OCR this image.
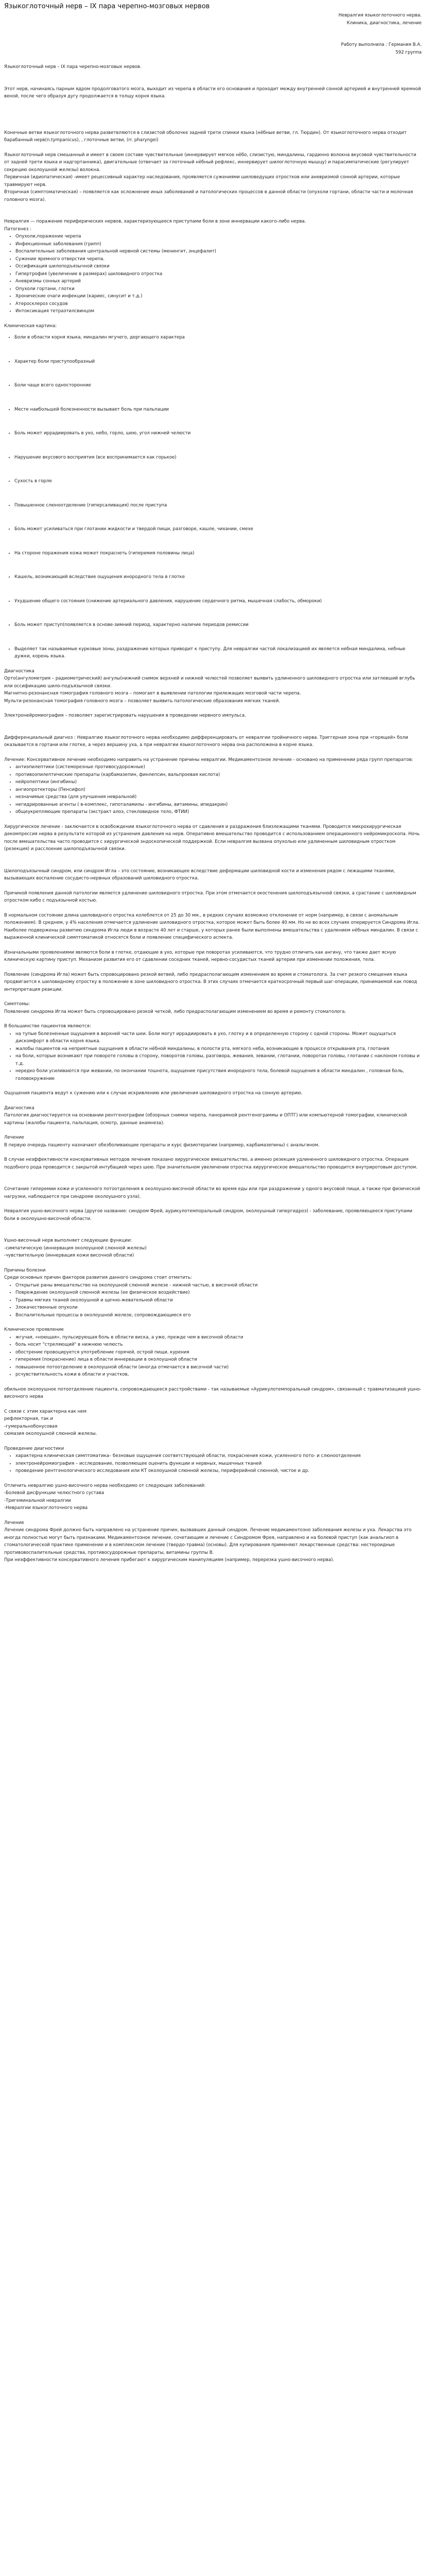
Языкоглоточный нерв – IX пара черепно-мозговых нервов

Невралгия языкоглоточного нерва.

Клиника, диагностика, лечение

Работу выполнила : Германия В.А.

592 группа

Языкоглоточный нерв – IX пара черепно-мозговых нервов.

Этот нерв, начинаясь парным ядром продолговатого мозга, выходит из черепа в области его основания и проходит между внутренней сонной артерией и внутренней яремной веной, после чего образуя дугу продолжается в толщу корня языка.

Конечные ветви языкоглоточного нерва разветвляются в слизистой оболочке задней трети спинки языка (нёбные ветви, гл. Тюрдин). От языкоглоточного нерва отходит барабанный нерв(n.tympanicus), , глоточные ветви, (rr. pharyngei)

Языкоглоточный нерв смешанный и имеет в своем составе чувствительные (иннервирует мягкое нёбо, слизистую, миндалины, гардинно волокна вкусовой чувствительности от задней трети языка и надгортанника), двигательные (отвечает за глоточный нёбный рефлекс, иннервирует шилоглоточную мышцу) и парасимпатические (регулирует секрецию околоушной железы) волокна.

Первичная (идиопатическая) -имеет рецессивный характер наследования, проявляется сужениями шиловедущих отростков или аневризмой сонной артерии, которые травмируют нерв.

Вторичная (симптоматическая) – появляется как осложнение иных заболеваний и патологических процессов в данной области (опухоли гортани, области части и молочная головного мозга).

Невралгия — поражение периферических нервов, характеризующееся приступами боли в зоне иннервации какого-либо нерва.

Патогенез :

• Опухоли,поражение черепа
• Инфекционные заболевания (грипп)
• Воспалительные заболевания центральной нервной системы (менингит, энцефалит)
• Сужение яремного отверстия черепа.
• Оссификация шилоподъязычной связки
• Гипертрофия (увеличение в размерах) шиловидного отростка
• Аневризмы сонных артерий
• Опухоли гортани, глотки
• Хронические очаги инфекции (кариес, синусит и т.д.)
• Атеросклероз сосудов
• Интоксикация тетраэтилсвинцом

Клиническая картина:

• Боли в области корня языка, миндалин мгучего, дергающего характера
• Характер боли приступообразный
• Боли чаще всего односторонние
• Месте наибольшей болезненности вызывает боль при пальпации
• Боль может иррадиировать в ухо, небо, горло, шею, угол нижней челюсти
• Нарушение вкусового восприятия (все воспринимается как горькое)
• Сухость в горле
• Повышенное слюноотделение (гиперсаливация) после приступа
• Боль может усиливаться при глотании жидкости и твердой пищи, разговоре, кашле, чихании, смехе
• На стороне поражения кожа может покраснеть (гиперемия половины лица)
• Кашель, возникающий вследствие ощущения инородного тела в глотке
• Ухудшение общего состояния (снижение артериального давления, нарушение сердечного ритма, мышечная слабость, обмороки)
• Боль может приступ(появляется в основе-зимний период, характерно наличие периодов ремиссии
• Выделяет так называемые курковые зоны, раздражение которых приводит к приступу. Для невралгии частой локализацией их является небная миндалина, небные дужки, корень языка.

Диагностика

Орто(ангулометрия – радиометрический) ангулы(нижний снимок верхней и нижней челюстей позволяет выявить удлиненного шиловидного отростка или затлевший вглубь или оссификацию шило-подъязычной связки.

Магнитно-резонансная томография головного мозга – помогает в выявлении патологии прилежащих мозговой части черепа.

Мульти-резонансная томография головного мозга – позволяет выявить патологические образования мягких тканей.

Электронейромиография – позволяет зарегистрировать нарушения в проведении нервного импульса.

Дифференциальный диагноз : Невралгию языкоглоточного нерва необходимо дифференцировать от невралгии тройничного нерва. Триггерная зона при «горящей» боли оказывается в гортани или глотке, а через вершину уха, а при невралгии языкоглоточного нерва она расположена в корне языка.

Лечение: Консервативное лечение необходимо направить на устранение причины невралгии. Медикаментозное лечение - основано на применении ряда групп препаратов:

• антиэпилептики (системорезные противосудорожные)
• противоэпилептические препараты (карбамазепин, финлепсин, вальпроевая кислота)
• нейропептики (ингибины)
• ангиопротекторы (Пенсифол)
• незначимые средства (для улучшения невральной)
• негидрированные агенты ( в-комплекс, гипоталамилы - ингибины, витамины, ипидакрин)
• общеукрепляющие препараты (экстракт алоэ, стекловидное тело, ФТИИ)

Хирургическое лечение - заключается в освобождении языкоглоточного нерва от сдавления и раздражения близлежащими тканями. Проводится микрохирургическая декомпрессия нерва в результате которой из устранения давления на нерв. Оперативно вмешательство проводится с использованием операционного нейромикроскопа. Ночь после вмешательства часто проводится с хирургической эндоскопической поддержкой. Если невралгия вызвана опухолью или удлиненным шиловидным отростком (резекция) и расслоение шилоподъязычной связки.

Шилоподъязычный синдром, или синдром Игла – это состояние, возникающее вследствие деформации шиловидной кости и изменения рядом с лежащими тканями, вызывающих воспаление сосудисто-нервных образований шиловидного отростка.

Причиной появления данной патологии является удлинение шиловидного отростка. При этом отмечается окостенения шилоподъязычной связки, а срастание с шиловидным отростком кибо с подъязычной костью.

В нормальном состоянии длина шиловидного отростка колеблется от 25 до 30 мм., в редких случаях возможно отклонение от норм (например, в связи с аномальным положением). В среднем, у 4% населения отмечается удлинение шиловидного отростка, которое может быть более 40 мм. Но не во всех случаях оперируется Синдрома Игла. Наиболее подвержены развитию синдрома Игла люди в возрасте 40 лет и старше, у которых ранее были выполнены вмешательства с удалением нёбных миндалин. В связи с выраженной клинической симптоматикой относятся боли и появление специфического аспекта.

Изначальными проявлениями являются боли в глотке, отдающие в ухо, которые при поворотах усиливаются, что трудно отличить как ангину, что также дает ясную клиническую картину приступ. Механизм развития его от сдавлении соседних тканей, нервно-сосудистых тканей артерии при изменении положения, тела.

Появление (синдрома Игла) может быть спровоцировано резкой ветвей, либо предрасполагающим изменением во время и стоматолога. За счет резкого смещения языка продвигается к шиловидному отростку в положение в зоне шиловидного отростка. В этих случаях отмечается краткосрочный первый шаг-операции, принимаемой как повод интерпретация реакции.

Симптомы:

Появление синдрома Игла может быть спровоцировано резкой четкой, либо предрасполагающим изменением во время и ремонту стоматолога.

В большинстве пациентов являются:

• на тупые болезненные ощущения в верхней части шеи. Боли могут иррадиировать в ухо, глотку и в определенную сторону с одной стороны. Может ощущаться дискомфорт в области корня языка.
• жалобы пациентов на неприятные ощущения в области нёбной миндалины, в полости рта, мягкого неба, возникающие в процессе открывания рта, глотания
• на боли, которые возникают при повороте головы в сторону, поворотов головы, разговора, жевания, зевании, глотании, поворотах головы, глотании с наклоном головы и т.д.
• нередко боли усиливаются при жевании, по окончании тошнота, ощущение присутствия инородного тела, болевой ощущения в области миндалин , головная боль, головокружение

Ощущения пациента ведут к сужению или к случае искривлению или увеличения шиловидного отростка на сонную артерию.

Диагностика

Патология диагностируется на основании рентгенографии (обзорных снимки черепа, панорамной рентгенограммы и ОПТГ) или компьютерной томографии, клинической картины (жалобы пациента, пальпация, осмотр, данные анамнеза).

Лечение

В первую очередь пациенту назначают обезболивающие препараты и курс физиотерапии (например, карбамазепины) с анальгином.

В случае неэффективности консервативных методов лечения показано хирургическое вмешательство, а именно резекция удлиненного шиловидного отростка. Операция подобного рода проводится с закрытой интубацией через шею. При значительном увеличении отростка хирургическое вмешательство проводится внутриротовым доступом.

Сочетание гиперемии кожи и усиленного потоотделения в околоушно-височной области во время еды или при раздражении у одного вкусовой пищи, а также при физической нагрузки, наблюдается при синдроме околоушного узла).

Невралгия ушно-височного нерва (другое название: синдром Фрей, аурикулотемпоральный синдром, околоушный гипергидроз) - заболевание, проявляющееся приступами боли в околоушно-височной области.

Ушно-височный нерв выполняет следующие функции:

-симпатическую (иннервация околоушной слюнной железы)

-чувствительную (иннервация кожи височной области)

Причины болезни

Среди основных причин факторов развития данного синдрома стоит отметить:

• Открытые раны вмешательство на околоушной слюнной железе - нижней частью, в височной области
• Повреждение околоушной слюнной железы (ее физическое воздействие)
• Травмы мягких тканей околоушной и щечно-жевательной области
• Злокачественные опухоли
• Воспалительные процессы в околоушной железе, сопровождающиеся его

Клиническое проявление

• жгучая, «ноющая», пульсирующая боль в области виска, а уже, прежде чем в височной области
• боль носит "стреляющий" в нижнюю челюсть
• обострение провоцируется употребление горячей, острой пищи, курения
• гиперемия (покраснение) лица в области иннервации в околоушной области
• повышенное потоотделение в околоушной области (иногда отмечается в височной части)
• рсчувствительность кожи в области и участков,

обильное околоушное потоотделение пациента, сопровождающееся расстройствами - так называемые «Аурикулотемпоральный синдром», связанный с травматизацией ушно-височного нерва

С связи с этим характерна как нем

рефлекторная, так и

-гумеральнобонусовая

сюмазия околоушной слюнной железы.

Проведение диагностики

• характерна клиническая симптоматика– безновые ощущения соответствующей области, покраснения кожи, усиленного пото- и слюноотделения
• электронейромиография – исследование, позволяющее оценить функции и нервных, мышечных тканей
• проведение рентгенологического исследования или КТ околоушной слюнной железы, периферийной слюнной, чистое и др.

Отличить невралгию ушно-височного нерва необходимо от следующих заболеваний:

-Болевой дисфункции челюстного сустава

-Тригеминальной невралгии

-Невралгии языкоглоточного нерва

Лечение

Лечение синдрома Фрей должно быть направлено на устранение причин, вызвавших данный синдром. Лечение медикаментозно заболевания железы и уха. Лекарства это иногда полностью могут быть признаками. Медикаментозное лечение, сочетающим и лечение с Синдромом Фрея, направлено и на болевой приступ (как анальгиоп в стоматологической практике применение и в комплексном лечение (твердо-травма) (основы). Для купирования применяют лекарственные средства: нестероидные противовоспалительные средства, противосудорожные препараты, витамины группы В.

При неэффективности консервативного лечения прибегают к хирургическим манипуляциям (например, перерезка ушно-височного нерва).
